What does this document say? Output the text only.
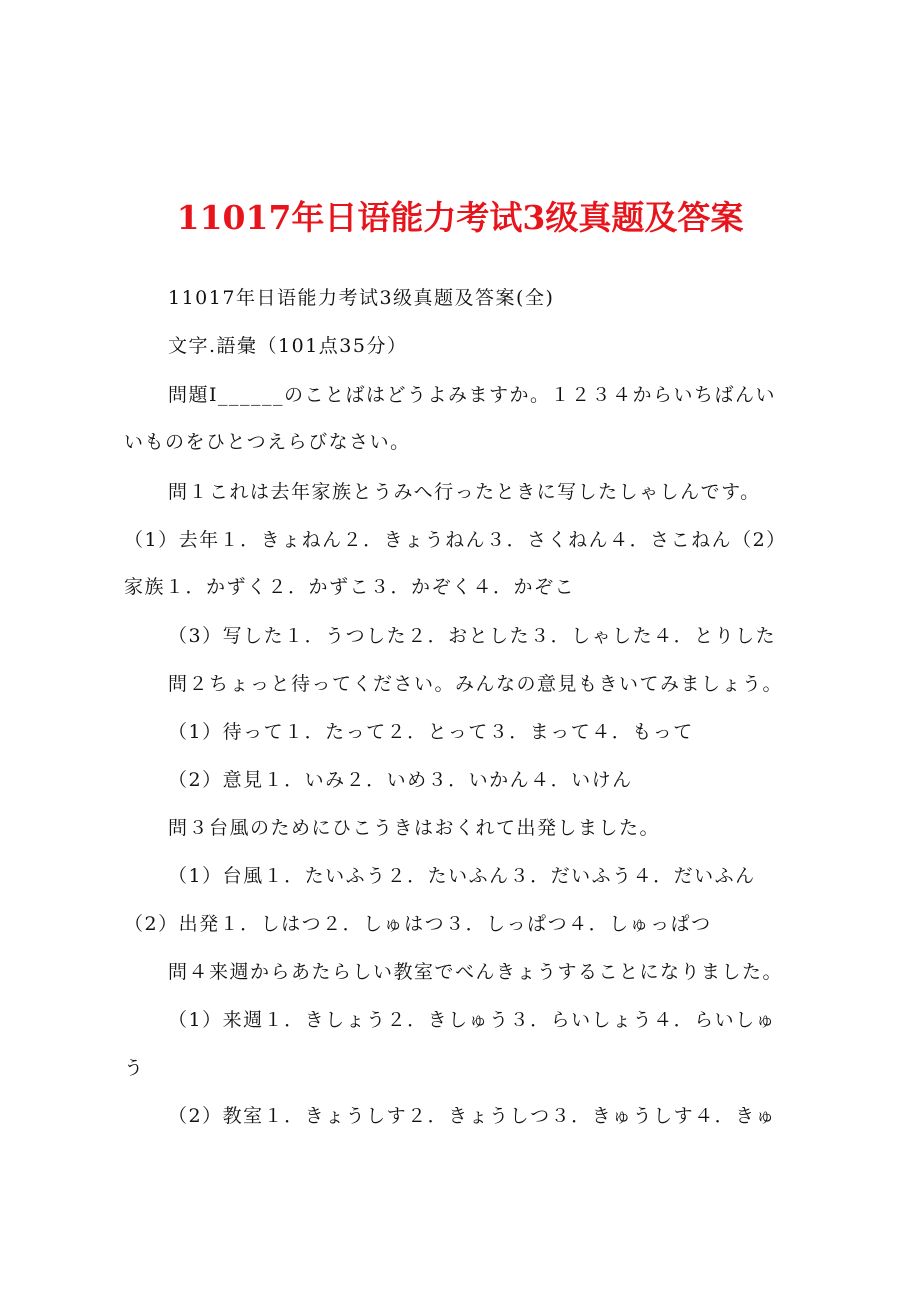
11017年日语能力考试3级真题及答案
11017年日语能力考试3级真题及答案(全)
文字.語彙（101点35分）
問題Ⅰ______のことばはどうよみますか。１２３４からいちばんい
いものをひとつえらびなさい。
問１これは去年家族とうみへ行ったときに写したしゃしんです。
（1）去年１．きょねん２．きょうねん３．さくねん４．さこねん（2）
家族１．かずく２．かずこ３．かぞく４．かぞこ
（3）写した１．うつした２．おとした３．しゃした４．とりした
問２ちょっと待ってください。みんなの意見もきいてみましょう。
（1）待って１．たって２．とって３．まって４．もって
（2）意見１．いみ２．いめ３．いかん４．いけん
問３台風のためにひこうきはおくれて出発しました。
（1）台風１．たいふう２．たいふん３．だいふう４．だいふん
（2）出発１．しはつ２．しゅはつ３．しっぱつ４．しゅっぱつ
問４来週からあたらしい教室でべんきょうすることになりました。
（1）来週１．きしょう２．きしゅう３．らいしょう４．らいしゅ
う
（2）教室１．きょうしす２．きょうしつ３．きゅうしす４．きゅ
